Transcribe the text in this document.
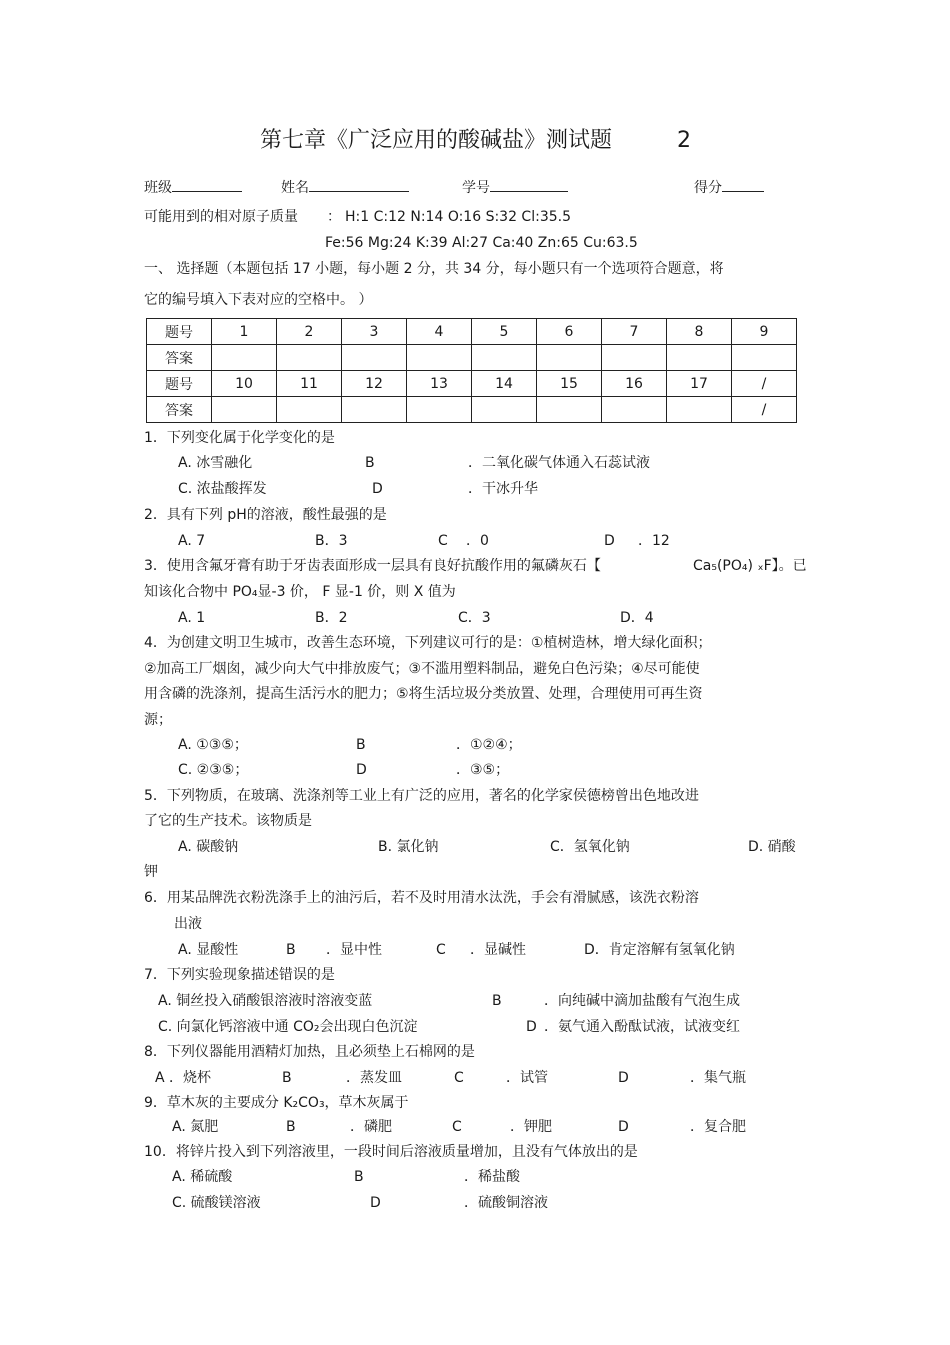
第七章《广泛应用的酸碱盐》测试题	2
班级	姓名	学号	得分
可能用到的相对原子质量 ： H:1 C:12 N:14 O:16 S:32 Cl:35.5
Fe:56 Mg:24 K:39 Al:27 Ca:40 Zn:65 Cu:63.5
一、 选择题（本题包括 17 小题，每小题 2 分，共 34 分，每小题只有一个选项符合题意，将
它的编号填入下表对应的空格中。 ）
题号	1	2	3	4	5	6	7	8	9
答案									
题号	10	11	12	13	14	15	16	17	/
答案									/
1．下列变化属于化学变化的是
A. 冰雪融化	B	．二氧化碳气体通入石蕊试液
C. 浓盐酸挥发	D	．干冰升华
2．具有下列 pH的溶液，酸性最强的是
A. 7	B．3	C ．0	D ．12
3．使用含氟牙膏有助于牙齿表面形成一层具有良好抗酸作用的氟磷灰石【	Ca₅(PO₄) ₓF】。已
知该化合物中 PO₄显-3 价， F 显-1 价，则 X 值为
A. 1	B．2	C．3	D．4
4．为创建文明卫生城市，改善生态环境，下列建议可行的是：①植树造林，增大绿化面积；
②加高工厂烟囱，减少向大气中排放废气；③不滥用塑料制品，避免白色污染；④尽可能使
用含磷的洗涤剂，提高生活污水的肥力；⑤将生活垃圾分类放置、处理，合理使用可再生资
源；
A. ①③⑤；	B	．①②④；
C. ②③⑤；	D	．③⑤；
5．下列物质，在玻璃、洗涤剂等工业上有广泛的应用，著名的化学家侯德榜曾出色地改进
了它的生产技术。该物质是
A. 碳酸钠	B. 氯化钠	C．氢氧化钠	D. 硝酸
钾
6．用某品牌洗衣粉洗涤手上的油污后，若不及时用清水汰洗，手会有滑腻感，该洗衣粉溶
出液
A. 显酸性	B ．显中性	C ．显碱性	D．肯定溶解有氢氧化钠
7．下列实验现象描述错误的是
A. 铜丝投入硝酸银溶液时溶液变蓝	B	．向纯碱中滴加盐酸有气泡生成
C. 向氯化钙溶液中通 CO₂会出现白色沉淀	D ．氨气通入酚酞试液，试液变红
8．下列仪器能用酒精灯加热，且必须垫上石棉网的是
A ．烧杯	B	．蒸发皿	C	．试管	D	．集气瓶
9．草木灰的主要成分 K₂CO₃，草木灰属于
A. 氮肥	B	．磷肥	C	．钾肥	D	．复合肥
10．将锌片投入到下列溶液里，一段时间后溶液质量增加，且没有气体放出的是
A. 稀硫酸	B	．稀盐酸
C. 硫酸镁溶液	D	．硫酸铜溶液
